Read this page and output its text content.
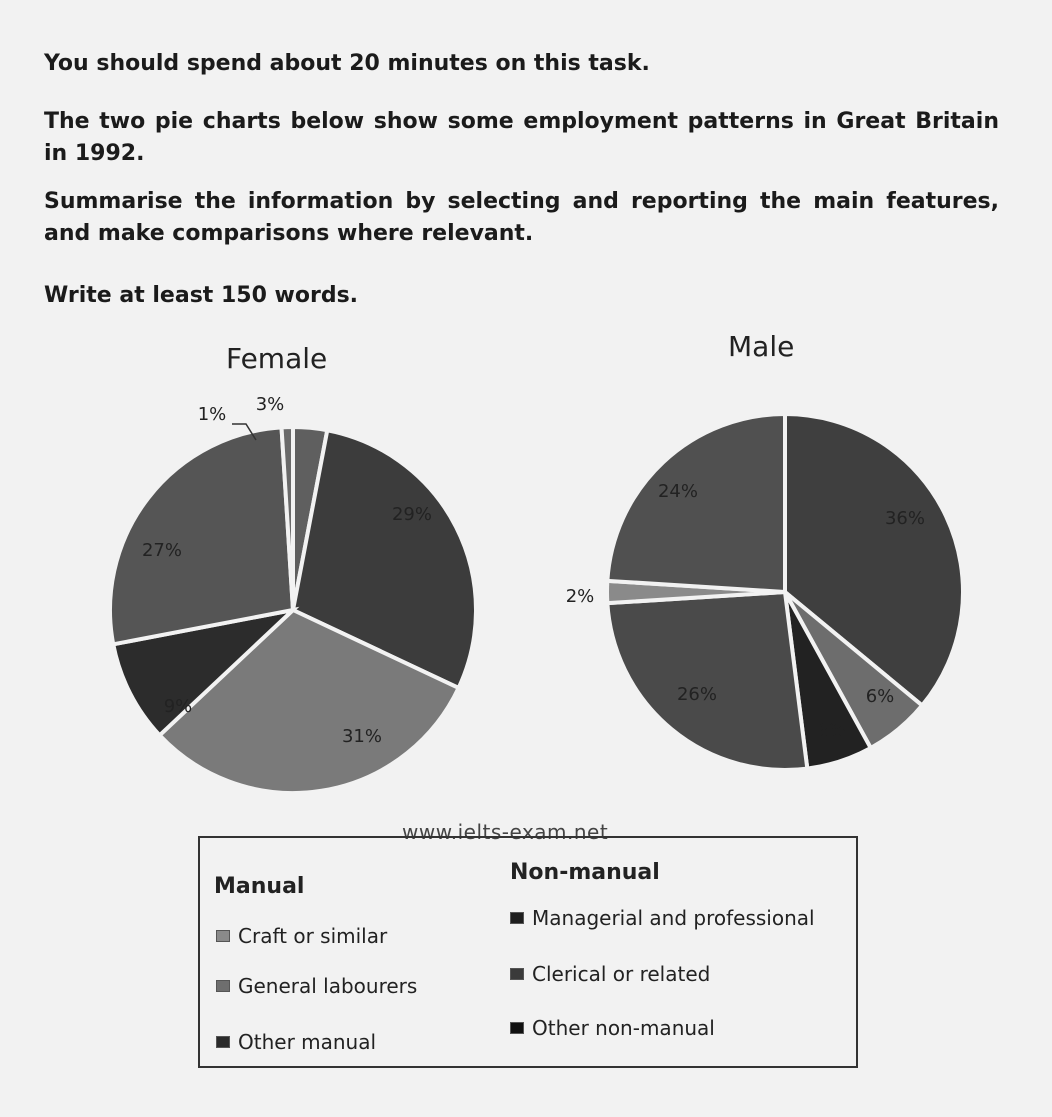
You should spend about 20 minutes on this task.

The two pie charts below show some employment patterns in Great Britain in 1992.

Summarise the information by selecting and reporting the main features, and make comparisons where relevant.

Write at least 150 words.

Female	Male
3%
29%
31%
9%
27%
1%
36%
6%
6%
26%
2%
24%
www.ielts-exam.net
Manual
Non-manual
Craft or similar
General labourers
Other manual
Managerial and professional
Clerical or related
Other non-manual
